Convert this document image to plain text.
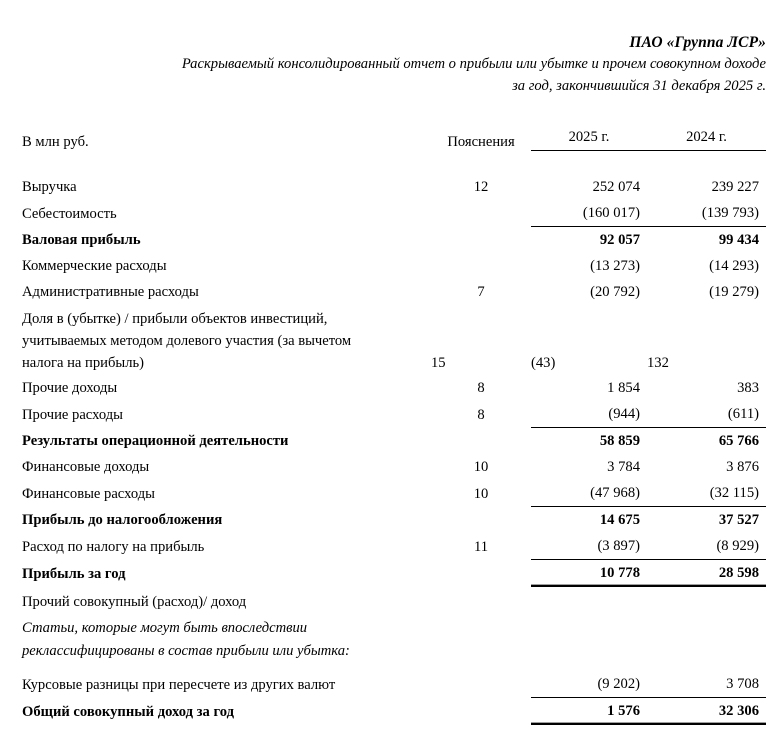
ПАО «Группа ЛСР»
Раскрываемый консолидированный отчет о прибыли или убытке и прочем совокупном доходе
за год, закончившийся 31 декабря 2025 г.
В млн руб.	Пояснения	2025 г.	2024 г.

Выручка	12	252 074	239 227
Себестоимость		(160 017)	(139 793)
Валовая прибыль		92 057	99 434
Коммерческие расходы		(13 273)	(14 293)
Административные расходы	7	(20 792)	(19 279)

Доля в (убытке) / прибыли объектов инвестиций,
учитываемых методом долевого участия (за вычетом
налога на прибыль)	15	(43)	132
Прочие доходы	8	1 854	383
Прочие расходы	8	(944)	(611)
Результаты операционной деятельности		58 859	65 766
Финансовые доходы	10	3 784	3 876
Финансовые расходы	10	(47 968)	(32 115)
Прибыль до налогообложения		14 675	37 527
Расход по налогу на прибыль	11	(3 897)	(8 929)
Прибыль за год		10 778	28 598
Прочий совокупный (расход)/ доход			
Статьи, которые могут быть впоследствии			
реклассифицированы в состав прибыли или убытка:			

Курсовые разницы при пересчете из других валют		(9 202)	3 708
Общий совокупный доход за год		1 576	32 306
